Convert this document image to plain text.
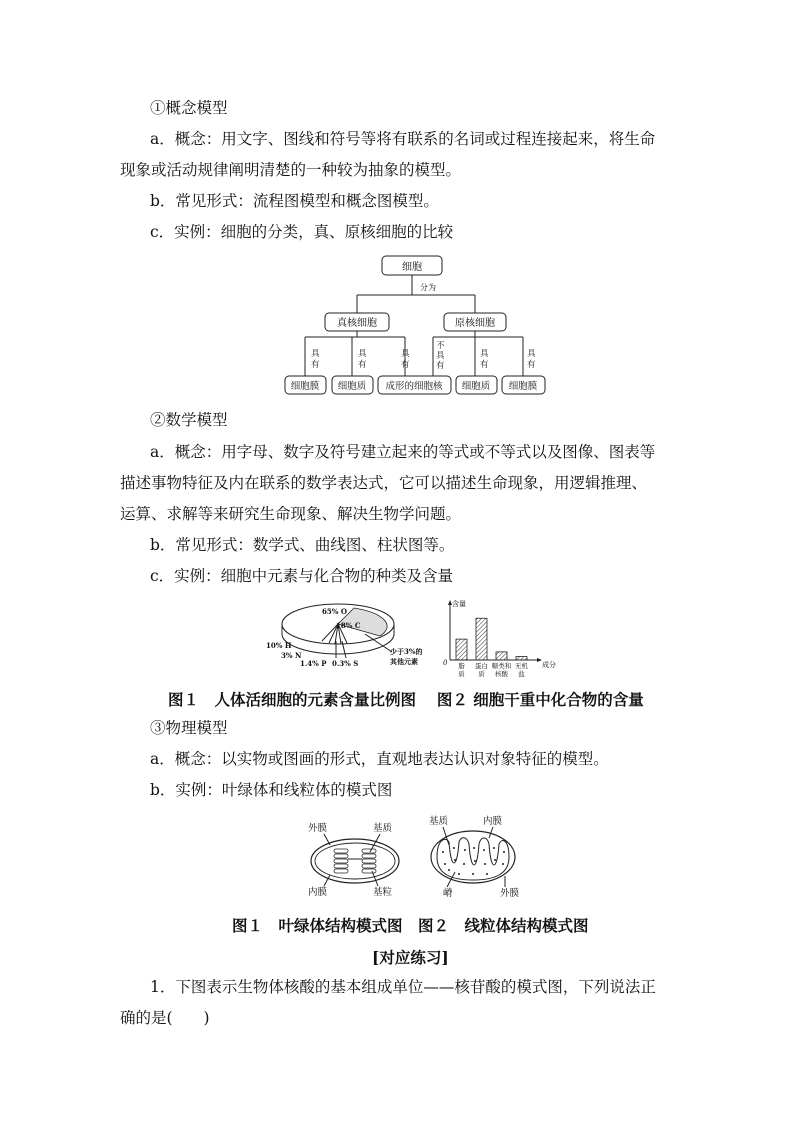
①概念模型
a．概念：用文字、图线和符号等将有联系的名词或过程连接起来，将生命
现象或活动规律阐明清楚的一种较为抽象的模型。
b．常见形式：流程图模型和概念图模型。
c．实例：细胞的分类，真、原核细胞的比较
细胞
分为
真核细胞	原核细胞
具
有
具
有
具
有
不
具
有
具
有
具
有
细胞膜 细胞质 成形的细胞核 细胞质 细胞膜
②数学模型
a．概念：用字母、数字及符号建立起来的等式或不等式以及图像、图表等
描述事物特征及内在联系的数学表达式，它可以描述生命现象，用逻辑推理、
运算、求解等来研究生命现象、解决生物学问题。
b．常见形式：数学式、曲线图、柱状图等。
c．实例：细胞中元素与化合物的种类及含量
65% O
18% C
10% H
3% N
1.4% P 0.3% S
少于3%的
其他元素
含量
成分
0 脂
质
蛋白
质
糖类和
核酸
无机
盐
图１　人体活细胞的元素含量比例图　 图２ 细胞干重中化合物的含量
③物理模型
a．概念：以实物或图画的形式，直观地表达认识对象特征的模型。
b．实例：叶绿体和线粒体的模式图
外膜	基质
内膜	基粒
基质	内膜
嵴	外膜
图１　叶绿体结构模式图　图２　线粒体结构模式图
[对应练习]
1．下图表示生物体核酸的基本组成单位——核苷酸的模式图，下列说法正
确的是(　　)
